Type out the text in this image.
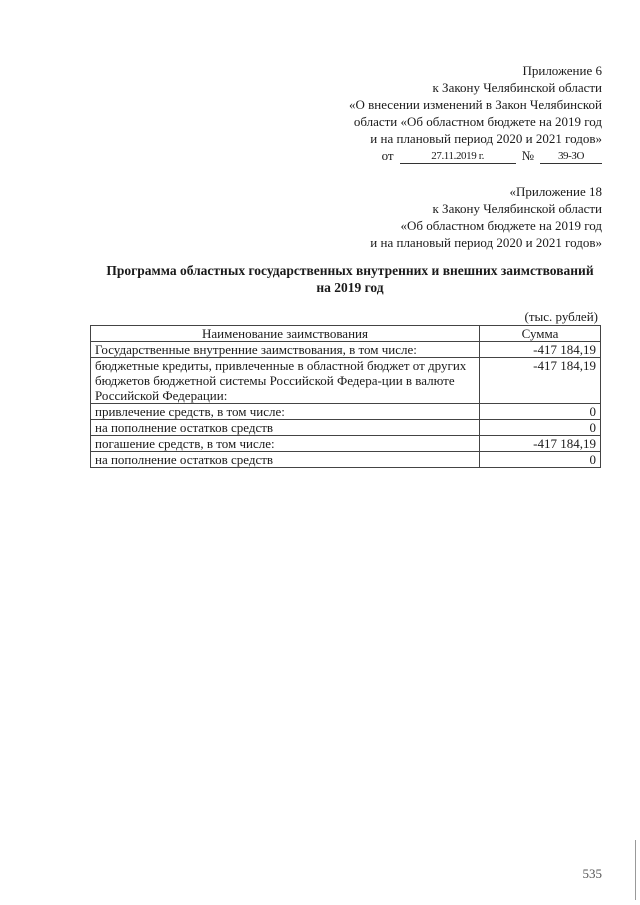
Приложение 6
к Закону Челябинской области
«О внесении изменений в Закон Челябинской
области «Об областном бюджете на 2019 год
и на плановый период 2020 и 2021 годов»
от	27.11.2019 г.	№	39-ЗО
«Приложение 18
к Закону Челябинской области
«Об областном бюджете на 2019 год
и на плановый период 2020 и 2021 годов»
Программа областных государственных внутренних и внешних заимствований
на 2019 год
(тыс. рублей)
Наименование заимствования	Сумма
Государственные внутренние заимствования, в том числе:	-417 184,19
бюджетные кредиты, привлеченные в областной бюджет от других бюджетов бюджетной системы Российской Федера-ции в валюте Российской Федерации:	-417 184,19
привлечение средств, в том числе:	0
на пополнение остатков средств	0
погашение средств, в том числе:	-417 184,19
на пополнение остатков средств	0
535
